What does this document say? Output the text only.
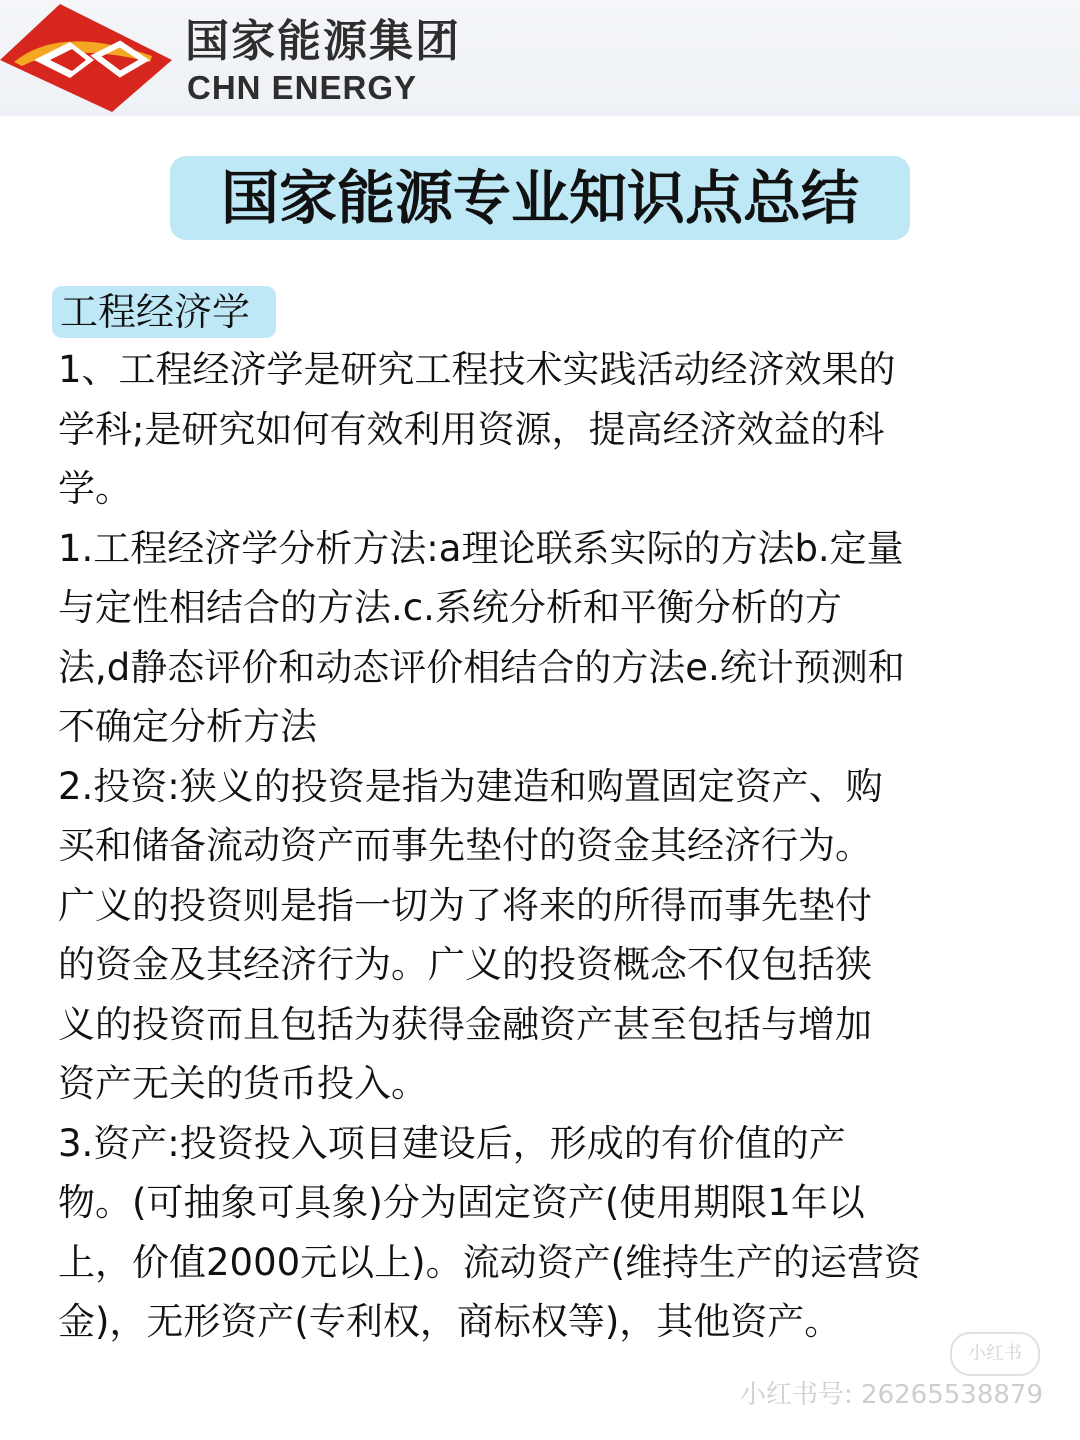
国家能源集团
CHN ENERGY
国家能源专业知识点总结
工程经济学
1、工程经济学是研究工程技术实践活动经济效果的
学科;是研究如何有效利用资源，提高经济效益的科
学。
1.工程经济学分析方法:a理论联系实际的方法b.定量
与定性相结合的方法.c.系统分析和平衡分析的方
法,d静态评价和动态评价相结合的方法e.统计预测和
不确定分析方法
2.投资:狭义的投资是指为建造和购置固定资产、购
买和储备流动资产而事先垫付的资金其经济行为。
广义的投资则是指一切为了将来的所得而事先垫付
的资金及其经济行为。广义的投资概念不仅包括狭
义的投资而且包括为获得金融资产甚至包括与增加
资产无关的货币投入。
3.资产:投资投入项目建设后，形成的有价值的产
物。(可抽象可具象)分为固定资产(使用期限1年以
上，价值2000元以上)。流动资产(维持生产的运营资
金)，无形资产(专利权，商标权等)，其他资产。
小红书
小红书号: 26265538879
